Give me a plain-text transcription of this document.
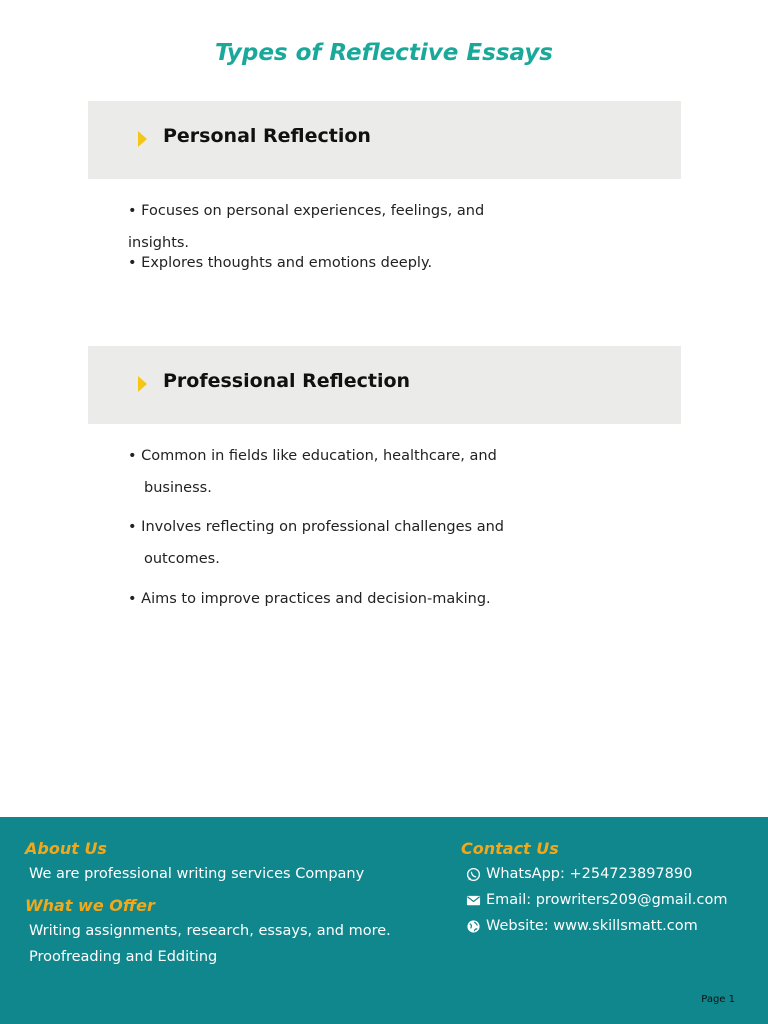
Types of Reflective Essays
Personal Reflection
• Focuses on personal experiences, feelings, and insights.
• Explores thoughts and emotions deeply.
Professional Reflection
• Common in fields like education, healthcare, and
business.
• Involves reflecting on professional challenges and
outcomes.
• Aims to improve practices and decision-making.
About Us
We are professional writing services Company
What we Offer
Writing assignments, research, essays, and more.
Proofreading and Edditing
Contact Us
WhatsApp: +254723897890
Email: prowriters209@gmail.com
Website: www.skillsmatt.com
Page 1
